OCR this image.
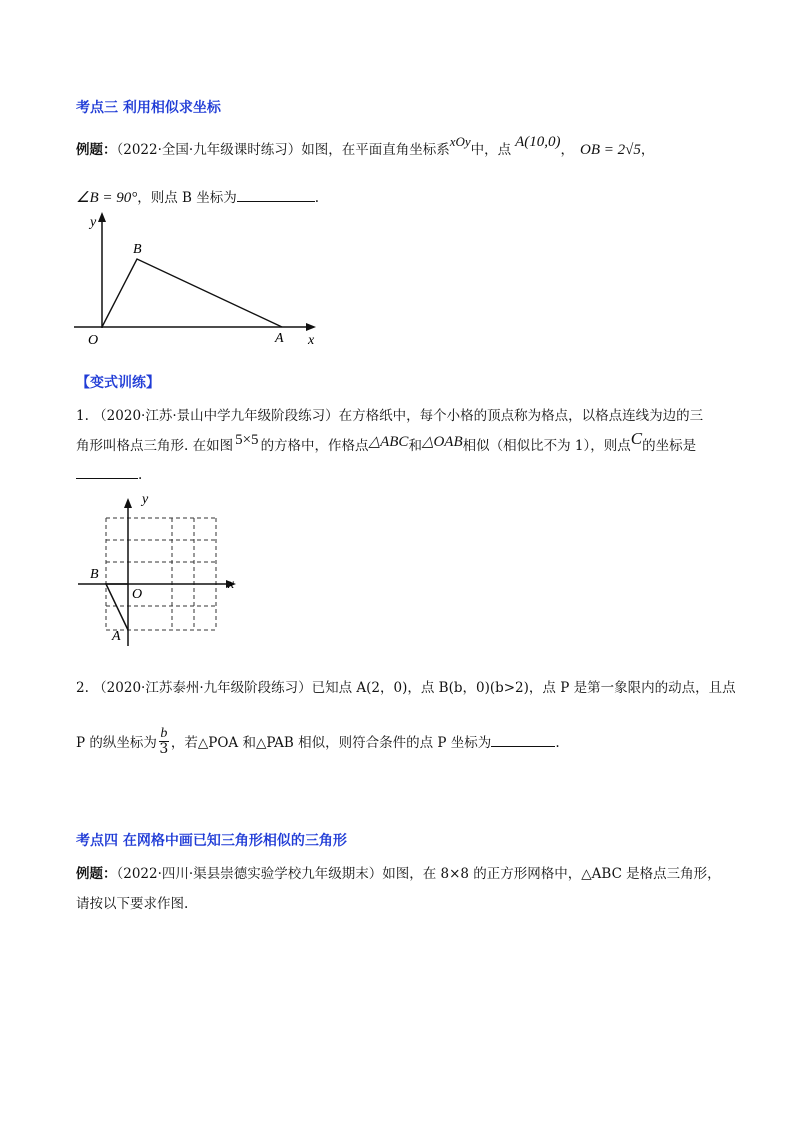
考点三 利用相似求坐标
例题：（2022·全国·九年级课时练习）如图，在平面直角坐标系xOy中，点 A(10,0)， OB = 2√5，
∠B = 90°，则点 B 坐标为	.
y
B
O	A x
【变式训练】
1. （2020·江苏·景山中学九年级阶段练习）在方格纸中，每个小格的顶点称为格点，以格点连线为边的三
角形叫格点三角形. 在如图 5×5 的方格中，作格点△ABC和△OAB相似（相似比不为 1），则点C的坐标是
.
y
B
O
x
A
2. （2020·江苏泰州·九年级阶段练习）已知点 A(2，0)，点 B(b，0)(b>2)，点 P 是第一象限内的动点，且点
P 的纵坐标为 $\frac{b}{3}$ ，若△POA 和△PAB 相似，则符合条件的点 P 坐标为	.
考点四 在网格中画已知三角形相似的三角形
例题：（2022·四川·渠县崇德实验学校九年级期末）如图，在 8×8 的正方形网格中，△ABC 是格点三角形，
请按以下要求作图.
